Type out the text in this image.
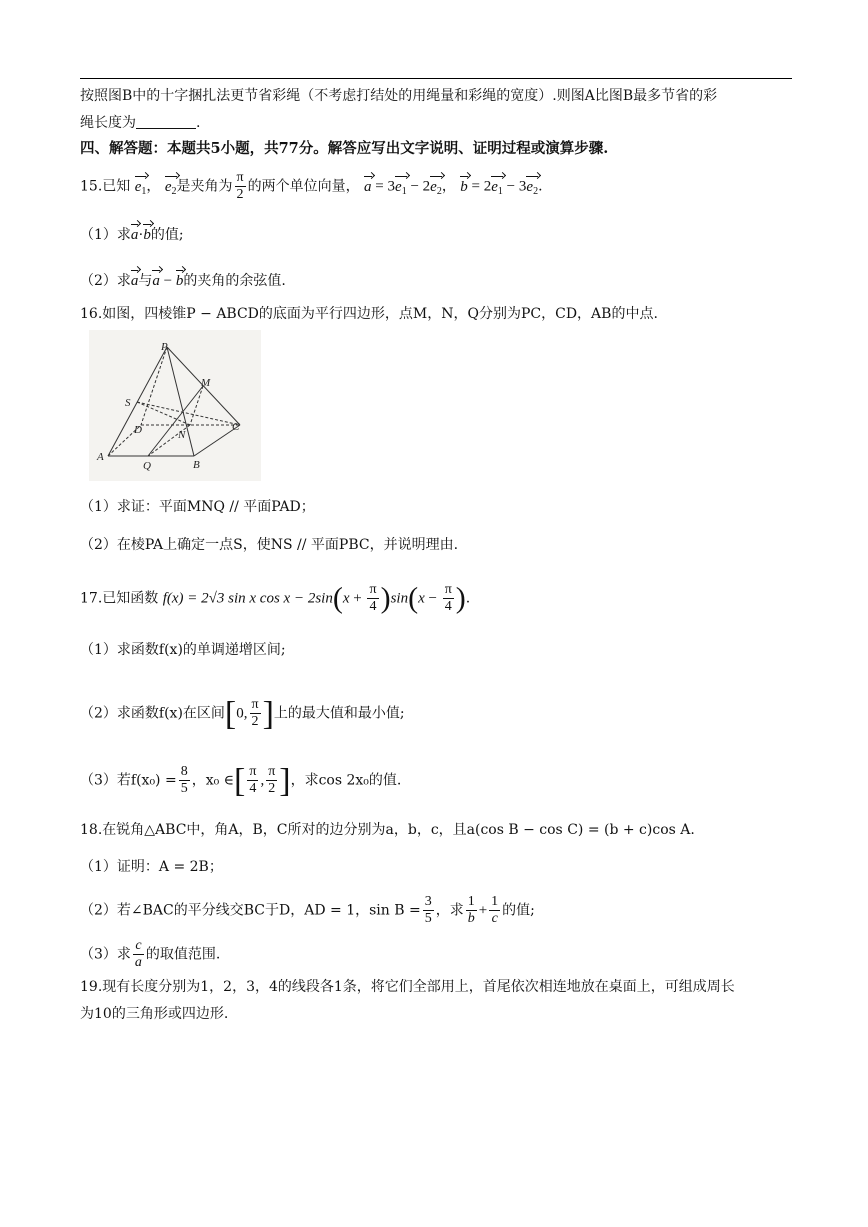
按照图B中的十字捆扎法更节省彩绳（不考虑打结处的用绳量和彩绳的宽度）.则图A比图B最多节省的彩
绳长度为	.
四、解答题：本题共5小题，共77分。解答应写出文字说明、证明过程或演算步骤.
15.已知 $e_1$， $e_2$是夹角为 $\frac{\pi}{2}$ 的两个单位向量， $a = 3e_1 - 2e_2$， $b = 2e_1 - 3e_2$.
（1）求a·b的值;
（2）求a与a − b的夹角的余弦值.
16.如图，四棱锥P − ABCD的底面为平行四边形，点M，N，Q分别为PC，CD，AB的中点.
P
M
S
D	N
C
A
Q	B
（1）求证：平面MNQ // 平面PAD；
（2）在棱PA上确定一点S，使NS // 平面PBC，并说明理由.
17.已知函数 f(x) = 2√3 sin x $\cos x - 2\sin(x + \frac{\pi}{4} )\sin(x - \frac{\pi}{4}$ ).
（1）求函数f(x)的单调递增区间;
（2）求函数f(x)在区间[0, $\frac{\pi}{2}$ ]上的最大值和最小值;
（3）若$f(x_0) = \frac{8}{5}$ ，x₀ ∈[ $\frac{\pi}{4}$ , $\frac{\pi}{2}$ ]，求cos 2x₀的值.
18.在锐角△ABC中，角A，B，C所对的边分别为a，b，c，且a(cos B − cos C) = (b + c)cos A.
（1）证明：A = 2B；
（2）若∠BAC的平分线交BC于D，AD = 1，$\sin B = \frac{3}{5}$ ，求 $\frac{1}{b} + \frac{1}{c}$ 的值;
（3）求 $\frac{c}{a}$ 的取值范围.
19.现有长度分别为1，2，3，4的线段各1条，将它们全部用上，首尾依次相连地放在桌面上，可组成周长
为10的三角形或四边形.
